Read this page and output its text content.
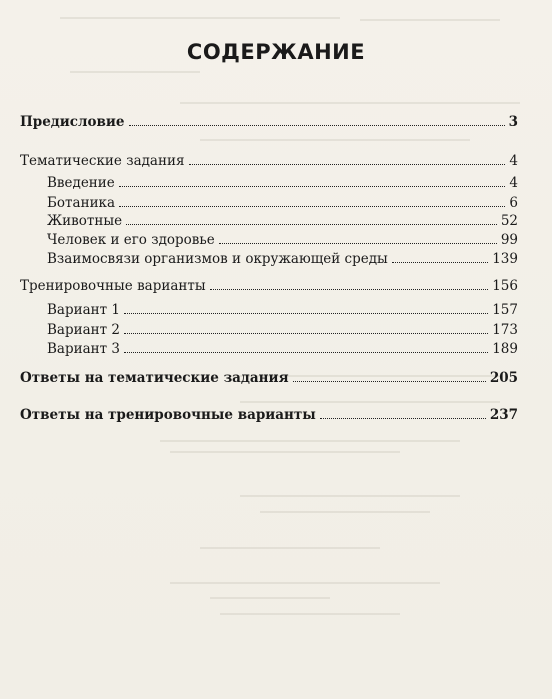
СОДЕРЖАНИЕ
Предисловие	3
Тематические задания	4
Введение	4
Ботаника	6
Животные	52
Человек и его здоровье	99
Взаимосвязи организмов и окружающей среды	139
Тренировочные варианты	156
Вариант 1	157
Вариант 2	173
Вариант 3	189
Ответы на тематические задания	205
Ответы на тренировочные варианты	237
